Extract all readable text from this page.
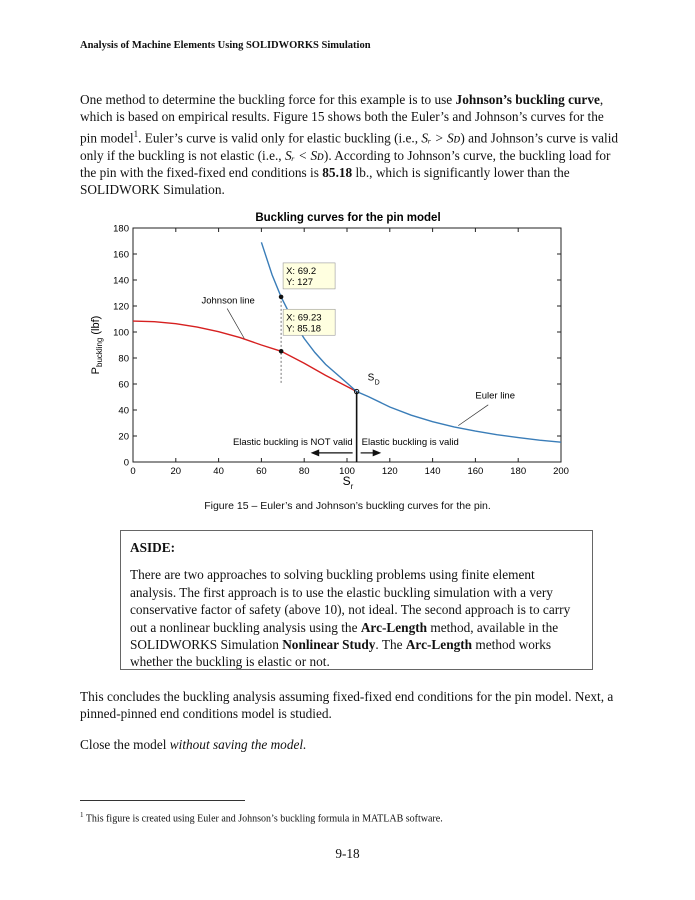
Analysis of Machine Elements Using SOLIDWORKS Simulation
One method to determine the buckling force for this example is to use Johnson’s buckling curve, which is based on empirical results. Figure 15 shows both the Euler’s and Johnson’s curves for the pin model$^1$. Euler’s curve is valid only for elastic buckling (i.e., Sᵣ > Sᴅ) and Johnson’s curve is valid only if the buckling is not elastic (i.e., Sᵣ < Sᴅ). According to Johnson’s curve, the buckling load for the pin with the fixed-fixed end conditions is 85.18 lb., which is significantly lower than the SOLIDWORK Simulation.
Buckling curves for the pin model
0	20	40	60	80	100	120	140	160	180	200
0
20
40
60
80
100
120
140
160
180
X: 69.2
Y: 127
X: 69.23
Y: 85.18
Johnson line
Euler line
S D
Elastic buckling is NOT valid Elastic buckling is valid
$S_r$
$P_{buckling}(lbf)$
Figure 15 – Euler’s and Johnson’s buckling curves for the pin.
ASIDE:
There are two approaches to solving buckling problems using finite element analysis. The first approach is to use the elastic buckling simulation with a very conservative factor of safety (above 10), not ideal. The second approach is to carry out a nonlinear buckling analysis using the Arc-Length method, available in the SOLIDWORKS Simulation Nonlinear Study. The Arc-Length method works whether the buckling is elastic or not.
This concludes the buckling analysis assuming fixed-fixed end conditions for the pin model. Next, a pinned-pinned end conditions model is studied.
Close the model without saving the model.
$^1$ This figure is created using Euler and Johnson’s buckling formula in MATLAB software.
9-18
